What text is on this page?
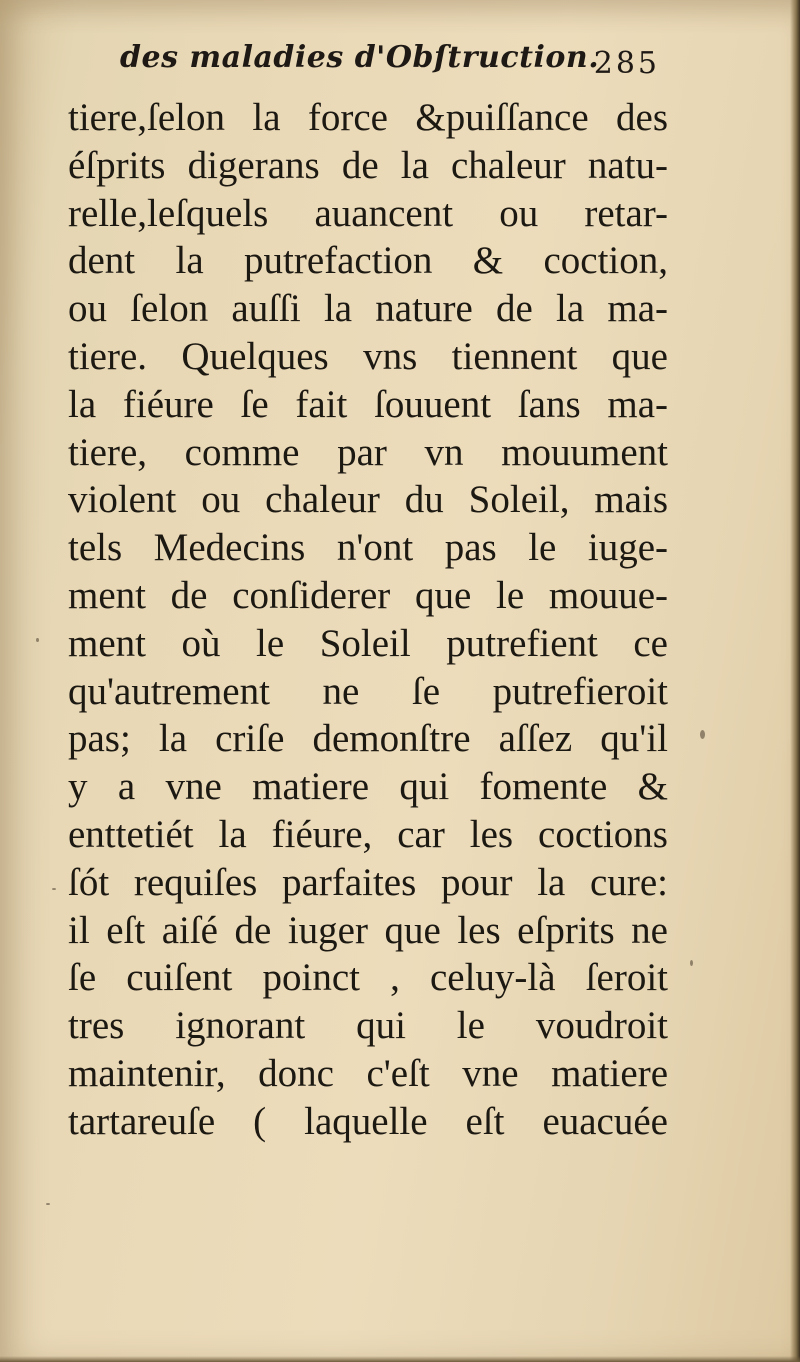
des maladies d'Obſtruction.
285
tiere,ſelon la force &puiſſance des
éſprits digerans de la chaleur natu-
relle,leſquels auancent ou retar-
dent la putrefaction & coction,
ou ſelon auſſi la nature de la ma-
tiere. Quelques vns tiennent que
la fiéure ſe fait ſouuent ſans ma-
tiere, comme par vn mouument
violent ou chaleur du Soleil, mais
tels Medecins n'ont pas le iuge-
ment de conſiderer que le mouue-
ment où le Soleil putrefient ce
qu'autrement ne ſe putrefieroit
pas; la criſe demonſtre aſſez qu'il
y a vne matiere qui fomente &
enttetiét la fiéure, car les coctions
ſót requiſes parfaites pour la cure:
il eſt aiſé de iuger que les eſprits ne
ſe cuiſent poinct , celuy-là ſeroit
tres ignorant qui le voudroit
maintenir, donc c'eſt vne matiere
tartareuſe ( laquelle eſt euacuée
